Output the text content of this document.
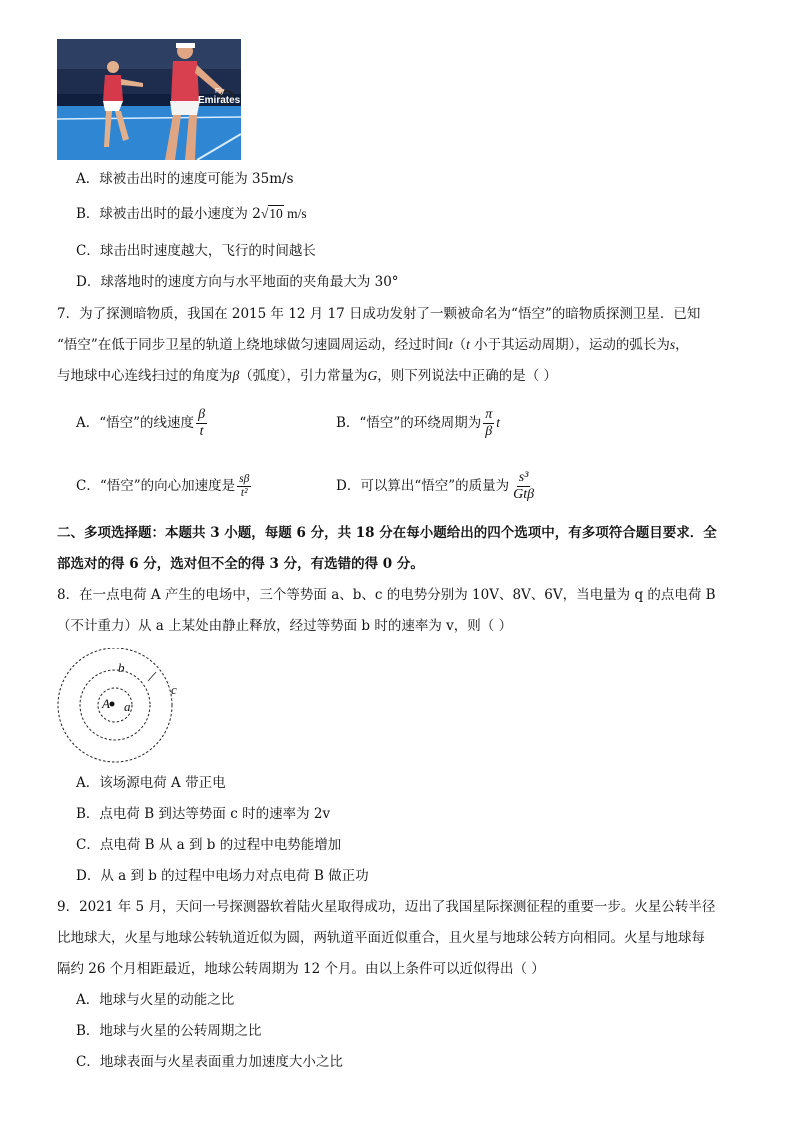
Fly
Emirates
A．球被击出时的速度可能为 35m/s
B．球被击出时的最小速度为 2√10 m/s
C．球击出时速度越大，飞行的时间越长
D．球落地时的速度方向与水平地面的夹角最大为 30°
7．为了探测暗物质，我国在 2015 年 12 月 17 日成功发射了一颗被命名为“悟空”的暗物质探测卫星．已知
“悟空”在低于同步卫星的轨道上绕地球做匀速圆周运动，经过时间t（t 小于其运动周期），运动的弧长为s，
与地球中心连线扫过的角度为β（弧度），引力常量为G，则下列说法中正确的是（ ）
A．“悟空”的线速度 $\frac{\beta}{t}$	B．“悟空”的环绕周期为 $\frac{\pi}{\beta}$ t
C．“悟空”的向心加速度是 $\frac{s\beta}{\text{t²}}$	D．可以算出“悟空”的质量为 $\frac{\text{s³}}{\text{Gtβ}}$
二、多项选择题：本题共 3 小题，每题 6 分，共 18 分在每小题给出的四个选项中，有多项符合题目要求．全
部选对的得 6 分，选对但不全的得 3 分，有选错的得 0 分。
8．在一点电荷 A 产生的电场中，三个等势面 a、b、c 的电势分别为 10V、8V、6V，当电量为 q 的点电荷 B
（不计重力）从 a 上某处由静止释放，经过等势面 b 时的速率为 v，则（ ）
a
b
c
A
A．该场源电荷 A 带正电
B．点电荷 B 到达等势面 c 时的速率为 2v
C．点电荷 B 从 a 到 b 的过程中电势能增加
D．从 a 到 b 的过程中电场力对点电荷 B 做正功
9．2021 年 5 月，天问一号探测器软着陆火星取得成功，迈出了我国星际探测征程的重要一步。火星公转半径
比地球大，火星与地球公转轨道近似为圆，两轨道平面近似重合，且火星与地球公转方向相同。火星与地球每
隔约 26 个月相距最近，地球公转周期为 12 个月。由以上条件可以近似得出（ ）
A．地球与火星的动能之比
B．地球与火星的公转周期之比
C．地球表面与火星表面重力加速度大小之比
